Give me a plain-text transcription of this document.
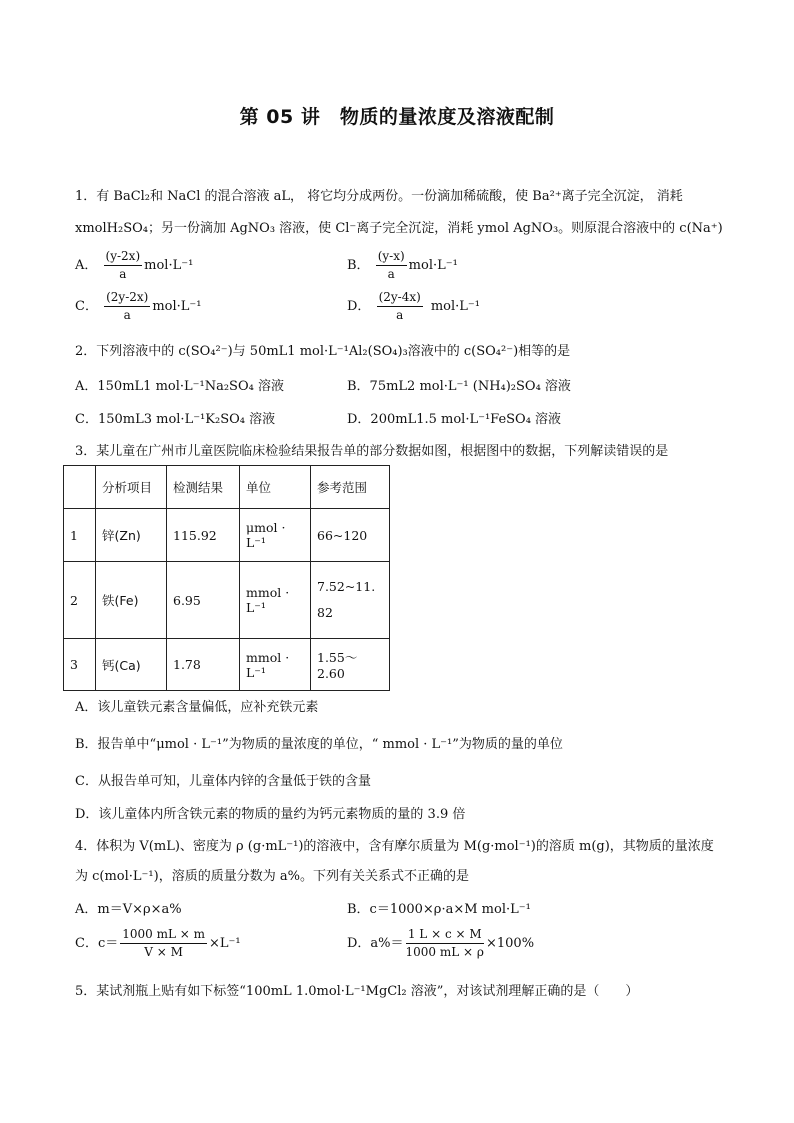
第 05 讲　物质的量浓度及溶液配制
1．有 BaCl₂和 NaCl 的混合溶液 aL， 将它均分成两份。一份滴加稀硫酸，使 Ba²⁺离子完全沉淀， 消耗
xmolH₂SO₄；另一份滴加 AgNO₃ 溶液，使 Cl⁻离子完全沉淀，消耗 ymol AgNO₃。则原混合溶液中的 c(Na⁺)
A． $\frac{(y-2x)}{a} mol\cdot L^{-1}$	B． $\frac{(y-x)}{a} mol\cdot L^{-1}$
C． $\frac{(2y-2x)}{a} mol\cdot L^{-1}$	D． $\frac{(2y-4x)}{a} mol\cdot L^{-1}$
2．下列溶液中的 c(SO₄²⁻)与 50mL1 mol·L⁻¹Al₂(SO₄)₃溶液中的 c(SO₄²⁻)相等的是
A．150mL1 mol·L⁻¹Na₂SO₄ 溶液	B．75mL2 mol·L⁻¹ (NH₄)₂SO₄ 溶液
C．150mL3 mol·L⁻¹K₂SO₄ 溶液	D．200mL1.5 mol·L⁻¹FeSO₄ 溶液
3．某儿童在广州市儿童医院临床检验结果报告单的部分数据如图，根据图中的数据，下列解读错误的是
	分析项目	检测结果	单位	参考范围
1	锌(Zn)	115.92	μmol · L⁻¹	66~120
2	铁(Fe)	6.95	mmol · L⁻¹	7.52~11.82
3	钙(Ca)	1.78	mmol · L⁻¹	1.55～2.60
A．该儿童铁元素含量偏低，应补充铁元素
B．报告单中“μmol · L⁻¹”为物质的量浓度的单位，“ mmol · L⁻¹”为物质的量的单位
C．从报告单可知，儿童体内锌的含量低于铁的含量
D．该儿童体内所含铁元素的物质的量约为钙元素物质的量的 3.9 倍
4．体积为 V(mL)、密度为 ρ (g·mL⁻¹)的溶液中，含有摩尔质量为 M(g·mol⁻¹)的溶质 m(g)，其物质的量浓度
为 c(mol·L⁻¹)，溶质的质量分数为 a%。下列有关关系式不正确的是
A．m＝V×ρ×a%	B．c＝1000×ρ·a×M mol·L⁻¹
C．$c= \frac{1000 mL \times m}{V \times M} \times L^{-1}$	D．$a\%= \frac{1 L \times c \times M}{1000 mL \times \rho} \times 100\%$
5．某试剂瓶上贴有如下标签“100mL 1.0mol·L⁻¹MgCl₂ 溶液”，对该试剂理解正确的是（　　）
